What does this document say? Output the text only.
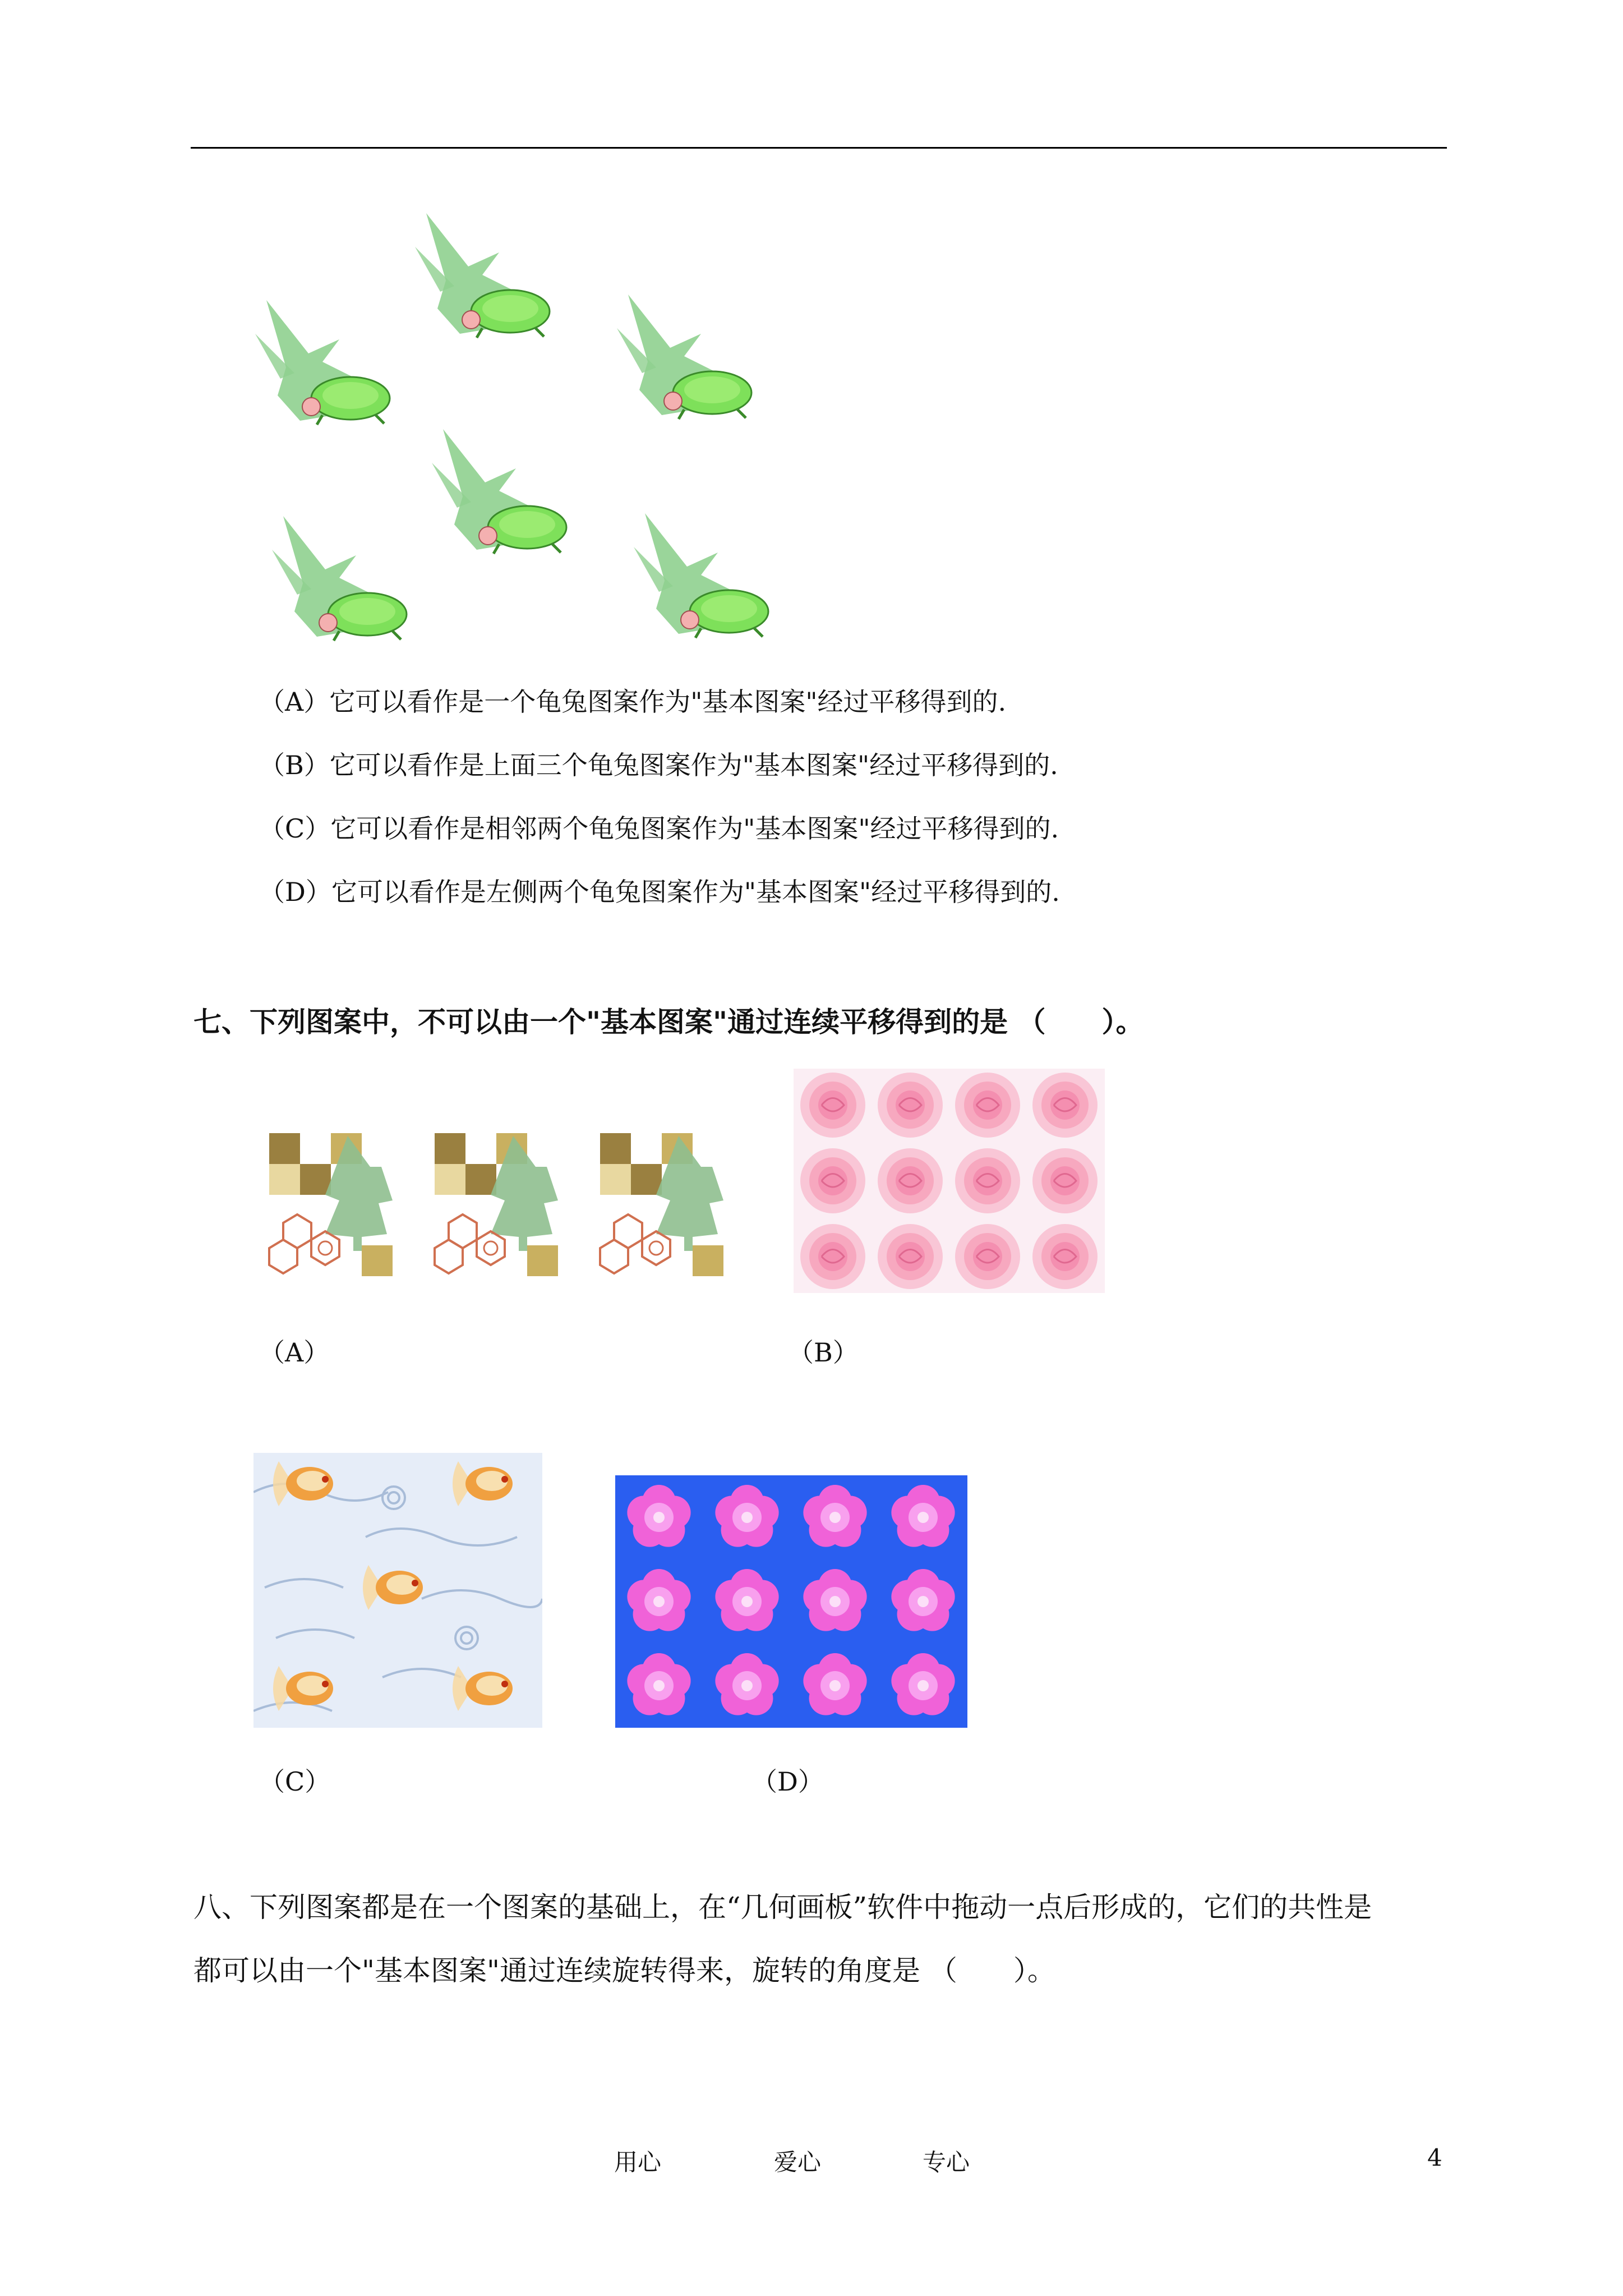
（A）它可以看作是一个龟兔图案作为"基本图案"经过平移得到的.
（B）它可以看作是上面三个龟兔图案作为"基本图案"经过平移得到的.
（C）它可以看作是相邻两个龟兔图案作为"基本图案"经过平移得到的.
（D）它可以看作是左侧两个龟兔图案作为"基本图案"经过平移得到的.
七、下列图案中，不可以由一个"基本图案"通过连续平移得到的是 （　　）。
（A）	（B）
（C）	（D）
八、下列图案都是在一个图案的基础上，在“几何画板”软件中拖动一点后形成的，它们的共性是
都可以由一个"基本图案"通过连续旋转得来，旋转的角度是 （　　）。
用心	爱心	专心	4
